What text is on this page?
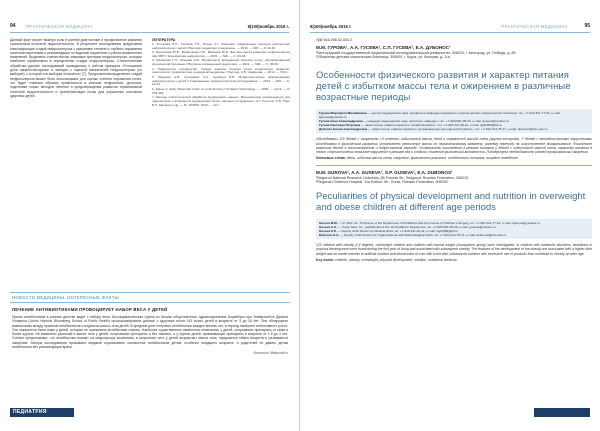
94	ПРАКТИЧЕСКАЯ МЕДИЦИНА	9(100)ноябрь 2016 г.
Данный факт играет важную роль в ранней диагностике и профилактике развития хронической почечной недостаточности. В результате исследования предложена классификация стадий нефросклероза с указанием степени и глубины поражения почечной паренхимы и рекомендации по ведению пациентов с учётом выявленных изменений. Выделены статистически значимые критерии нефросклероза, которые наиболее эффективны в определении стадии нефросклероза. Статистическая обработка данных исследований проводилась с учётом принципа «Отношение доли пациентов-мужчин и женщин с оценкой показателей нефросклероза (по выборке), к которой эта выборка относится» [7]. Предложенная выделение стадий нефросклероза может быть использована для оценки степени поражения почек, что будет главным образом применяться в клинике нефрологии, урологии, подготовке новых методов лечения и предотвращения развития терминальной почечной недостаточности и трансплантации почки для улучшения состояния здоровья детей.
ЛИТЕРАТУРА
1. Клочкова Н.Н., Галкина Т.Н., Ильин А.Г. Значение современных методов диагностики нефросклероза у детей // Вестник педиатрии и медицины. — 2010. — №5. — С.14-15.
2. Корнилова Ю.В., Батюшкина Н.В., Марьяна Ю.В. Факторы риска развития нефросклероза при ХБП // Клиническая нефрология. — 2015. — №6. — С. 63-68.
3. Малахова Г.Н., Ятькова А.М. Морфология врождённой болезни почек, сформированной хронической болезнью // Вопросы современной педиатрии. — 2012. — №6. — С. 65-69.
4. Нефрология: руководство. Уровни анализа болезни почек клиническое развитие, гематологии, профилактика и народной медицины / Под ред. А.В. Смирнова. — 2012. — 511 с.
5. Смирнов А.В., Кучерявых А.С., Кухарчук В.В. Морфологическое формирование нефросклероза у детей // Современные нефрологические исследования. — 2014. — №6. — С. 10-13.
6. Klauer A. Early Molecular basis of renal fibrosis // Pediatric Nephrology. — 2006. — Vol.9. — P. 378-392.
7. Методы статистической обработки медицинских данных: Методические рекомендации для ординаторов и аспирантов медицинских вузов, научных сотрудников / А.Г. Кочетов, О.В. Лянг, В.П. Масенко и др. — М.: РКНПК, 2012. — 42 с.
НОВОСТИ МЕДИЦИНЫ. ИНТЕРЕСНЫЕ ФАКТЫ
ЛЕЧЕНИЕ АНТИБИОТИКАМИ ПРОВОЦИРУЕТ НАБОР ВЕСА У ДЕТЕЙ
Прием антибиотиков в раннем детстве ведет к набору веса. Исследовательская группа из Школы общественного здравоохранения Блумберга при Университете Джонса Хопкинса (Johns Hopkins Bloomberg School of Public Health) проанализировала данные о здоровье почти 143 тысяч детей в возрасте от 3 до 18 лет. Они обнаружили взаимосвязь между приемом антибиотиков и индексом массы тела детей. В среднем дети получали антибиотики каждые восемь лет, в период наиболее интенсивного роста. Эти показатели были ниже у детей, которые не принимали антибиотики совсем. Наиболее существенные изменения отмечались у детей, получавших препараты от семи и более курсов. Не выявлено различий в массе тела у детей, получавших препараты и без таковых, и у группы детей, принимающих препараты в возрасте от 1,5 до 3 лет. Ученые предполагают, что антибиотики влияют на микрофлору кишечника, в результате чего у детей возрастает масса тела, нарушается обмен веществ и развивается ожирение. Авторы исследования призывают медиков ограничивать назначение антибиотиков детям, особенно младшего возраста, и родителей не давать детям антибиотики без рекомендации врача.
Источник: Medportal.ru
ПЕДИАТРИЯ
9(100)ноябрь 2016 г.	ПРАКТИЧЕСКАЯ МЕДИЦИНА	95
УДК 616-056.52-053.2
М.М. ГУРОВА¹, А.А. ГУСЕВА¹, С.П. ГУСЕВА², Е.А. ДУБОНОС¹
¹Белгородский государственный национальный исследовательский университет, 308015, г. Белгород, ул. Победы, д. 85
²Областная детская клиническая больница, 305000, г. Курск, ул. Копцова, д. 11а
Особенности физического развития и характер питания детей с избытком массы тела и ожирением в различные возрастные периоды
Гурова Маргарита Михайловна — доктор медицинских наук, профессор кафедры педиатрии с курсом детских хирургических болезней, тел. +7-910-321-77-54, e-mail: itgurova@yandex.ru
Гусева Анна Александровна — кандидат медицинских наук, ассистент кафедры, тел. +7-920-561-08-23, e-mail: guseva@yandex.ru
Гусева Светлана Петровна — заместитель главного врача по лечебной работе, тел. +7-910-211-48-42, e-mail: sgd1969@bk.ru
Дубонос Елена Александровна — заместитель главного врача по организационно-методической работе, тел. +7-910-314-75-47, e-mail: dubonos@bsu.edu.ru
Обследованы 120 детей с ожирением I-II степени, избыточной массы тела и нормальной массой тела (группа контроля). У детей с метаболическими нарушениями исследованы в физическом развитии установлено увеличение массы по перинатальному анамнезу, раннему переходу на искусственное вскармливание. Физическое развитие детей в постнатальном и подростковом периоде. Установлены отклонения в режиме питания у детей с избыточной массой тела, характер питания в семье, статистически значимое нарушение в режиме сна и отдыха, снижение физической активности. Подчеркнута необходимость ранней профилактики ожирения.
Ключевые слова: дети, избыток массы тела, ожирение, физическое развитие, особенности питания, пищевое поведение.
M.M. GUROVA¹, A.A. GUSEVA¹, S.P. GUSEVA², E.A. DUBONOS¹
¹Belgorod National Research University, 85 Pobeda Str., Belgorod, Russian Federation, 308015
²Regional Children's Hospital, 11a Koltsov Str., Kursk, Russian Federation, 305035
Peculiarities of physical development and nutrition in overweight and obese children at different age periods
Gurova M.M. — D. Med. Sc., Professor of the Department of Pediatrics with the Course of Children's Surgery, tel. +7-910-321-77-54, e-mail: itgurova@yandex.ru
Guseva A.A. — Cand. Med. Sc., pediatrician of the 1st Pediatrics Department, tel. +7-920-561-08-23, e-mail: guseva@yandex.ru
Guseva S.P. — Deputy Chief Doctor for Medical Work, tel. +7-910-211-48-42, e-mail: sgd1969@bk.ru
Dubonos E.A. — Deputy Chief Doctor for Organizational and Methodological Work, tel. +7-910-314-75-47, e-mail: dubonos@bsu.edu.ru
120 children with obesity (I-II degree), overweight children and children with normal weight (comparison group) were investigated. In children with metabolic disorders, deviations in physical development were found during the first year of living and associated with subsequent obesity. The features of the development of the obesity are associated with a higher birth weight and an earlier transfer to artificial nutrition and introduction of cow milk in the diet, unbalanced nutrition with excessive use of products that contribute to obesity at older age.
Key words: children, obesity, overweight, physical development, nutrition, nutritional behavior.
